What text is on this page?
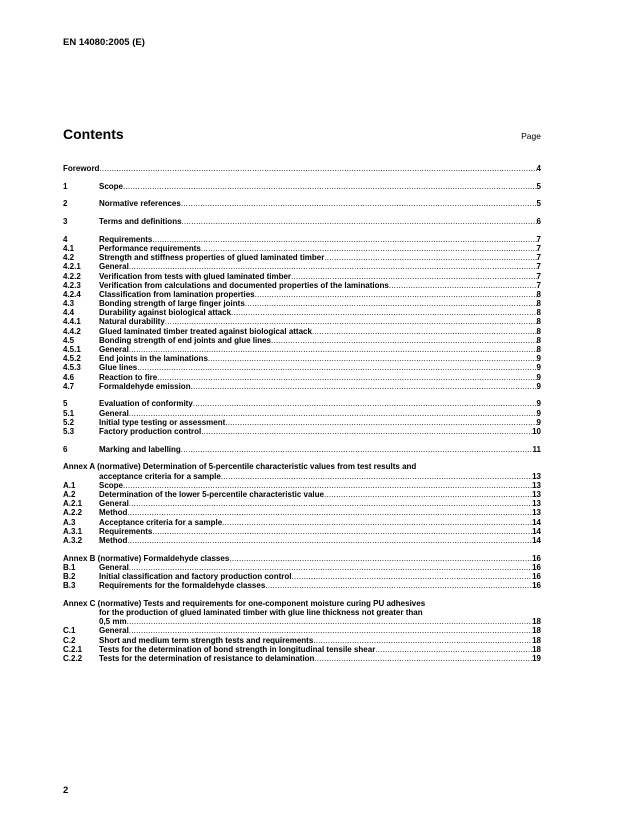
EN 14080:2005 (E)
Contents	Page
Foreword .....	4
1	Scope .....	5
2	Normative references .....	5
3	Terms and definitions .....	6
4	Requirements .....	7
4.1	Performance requirements .....	7
4.2	Strength and stiffness properties of glued laminated timber .....	7
4.2.1	General .....	7
4.2.2	Verification from tests with glued laminated timber .....	7
4.2.3	Verification from calculations and documented properties of the laminations .....	7
4.2.4	Classification from lamination properties .....	8
4.3	Bonding strength of large finger joints .....	8
4.4	Durability against biological attack .....	8
4.4.1	Natural durability .....	8
4.4.2	Glued laminated timber treated against biological attack .....	8
4.5	Bonding strength of end joints and glue lines .....	8
4.5.1	General .....	8
4.5.2	End joints in the laminations .....	9
4.5.3	Glue lines .....	9
4.6	Reaction to fire .....	9
4.7	Formaldehyde emission .....	9
5	Evaluation of conformity .....	9
5.1	General .....	9
5.2	Initial type testing or assessment .....	9
5.3	Factory production control .....	10
6	Marking and labelling .....	11
Annex A (normative) Determination of 5-percentile characteristic values from test results and
acceptance criteria for a sample .....	13
A.1	Scope .....	13
A.2	Determination of the lower 5-percentile characteristic value .....	13
A.2.1	General .....	13
A.2.2	Method .....	13
A.3	Acceptance criteria for a sample .....	14
A.3.1	Requirements .....	14
A.3.2	Method .....	14
Annex B (normative) Formaldehyde classes .....	16
B.1	General .....	16
B.2	Initial classification and factory production control .....	16
B.3	Requirements for the formaldehyde classes .....	16
Annex C (normative) Tests and requirements for one-component moisture curing PU adhesives
for the production of glued laminated timber with glue line thickness not greater than
0,5 mm .....	18
C.1	General .....	18
C.2	Short and medium term strength tests and requirements .....	18
C.2.1	Tests for the determination of bond strength in longitudinal tensile shear .....	18
C.2.2	Tests for the determination of resistance to delamination .....	19
2
